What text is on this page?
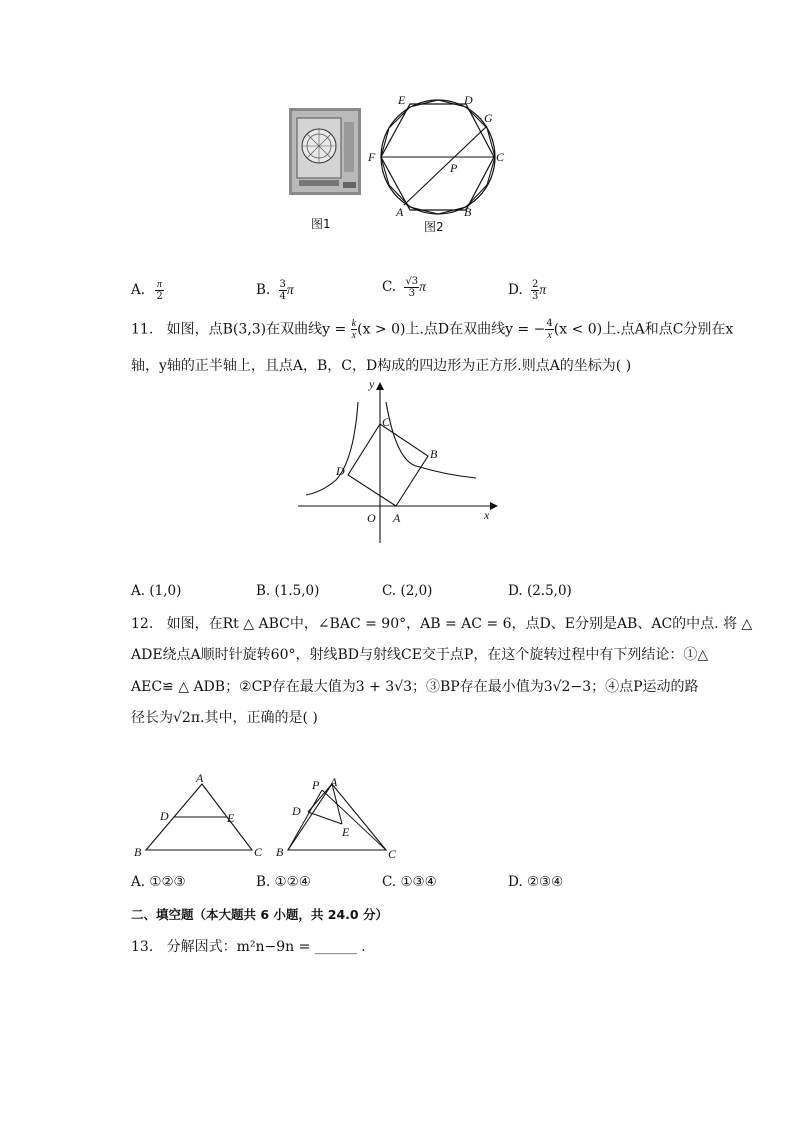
图1
E	D
G
F	C
P
A	B
图2
A. $\frac{\pi}{2}$	B. $\frac{3}{4}$ π	C. $\frac{√3}{3}$ π	D. $\frac{2}{3}$ π
11. 如图，点B(3,3)在双曲线$y = \frac{k}{x} (x > 0)$上.点D在双曲线y = − $\frac{4}{x} (x < 0)$上.点A和点C分别在x
轴，y轴的正半轴上，且点A，B，C，D构成的四边形为正方形.则点A的坐标为( )
y
x
O A
B
C
D
A. (1,0)	B. (1.5,0)	C. (2,0)	D. (2.5,0)
12. 如图，在Rt △ ABC中，∠BAC = 90°，AB = AC = 6，点D、E分别是AB、AC的中点. 将 △
ADE绕点A顺时针旋转60°，射线BD与射线CE交于点P，在这个旋转过程中有下列结论：①△
AEC≌ △ ADB；②CP存在最大值为3 + 3√3；③BP存在最小值为3√2−3；④点P运动的路
径长为√2π.其中，正确的是( )
A
B	C
D	E
P A
B	C
D
E
A. ①②③	B. ①②④	C. ①③④	D. ②③④
二、填空题（本大题共 6 小题，共 24.0 分）
13. 分解因式：m²n−9n = ______ .
